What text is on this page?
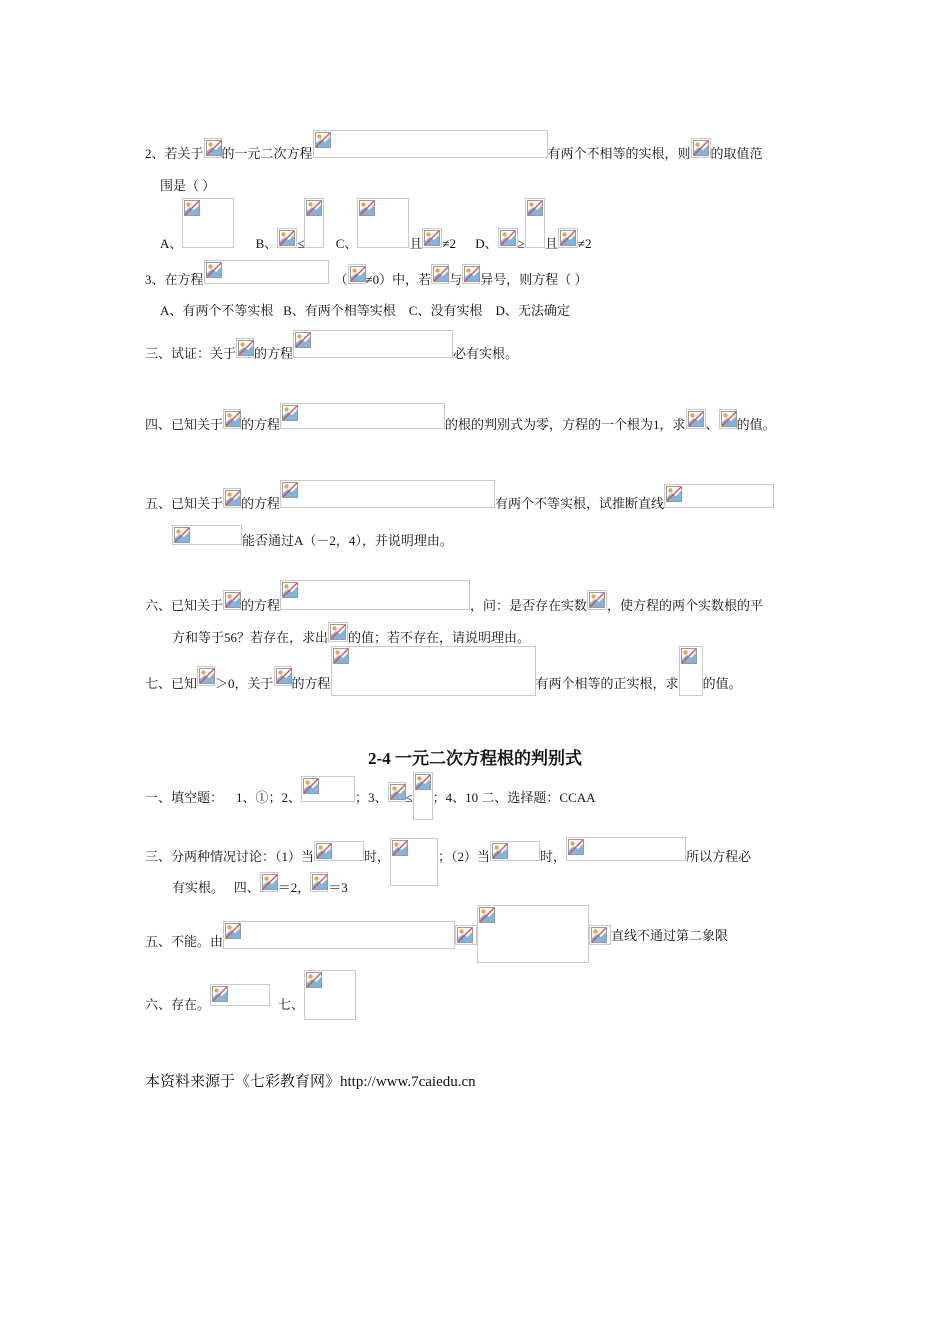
2、若关于 的一元二次方程	有两个不相等的实根，则 的取值范
围是（ ）
A、	B、 ≤ C、	且 ≠2 D、 ≥ 且 ≠2
3、在方程	（ ≠0）中，若 与 异号，则方程（ ）
A、有两个不等实根   B、有两个相等实根    C、没有实根    D、无法确定
三、试证：关于 的方程	必有实根。
四、已知关于 的方程	的根的判别式为零，方程的一个根为1，求 、 的值。
五、已知关于 的方程	有两个不等实根，试推断直线
能否通过A（－2，4），并说明理由。
六、已知关于 的方程	，问：是否存在实数 ，使方程的两个实数根的平
方和等于56？若存在，求出 的值；若不存在，请说明理由。
七、已知 ＞0，关于 的方程	有两个相等的正实根，求 的值。
2-4 一元二次方程根的判别式
一、填空题：    1、①；2、	；3、 ≤ ；4、10 二、选择题：CCAA
三、分两种情况讨论：（1）当	时，	；（2）当	时，	所以方程必
有实根。   四、 ＝2， ＝3
五、不能。由	直线不通过第二象限
六、存在。	七、
本资料来源于《七彩教育网》http://www.7caiedu.cn
